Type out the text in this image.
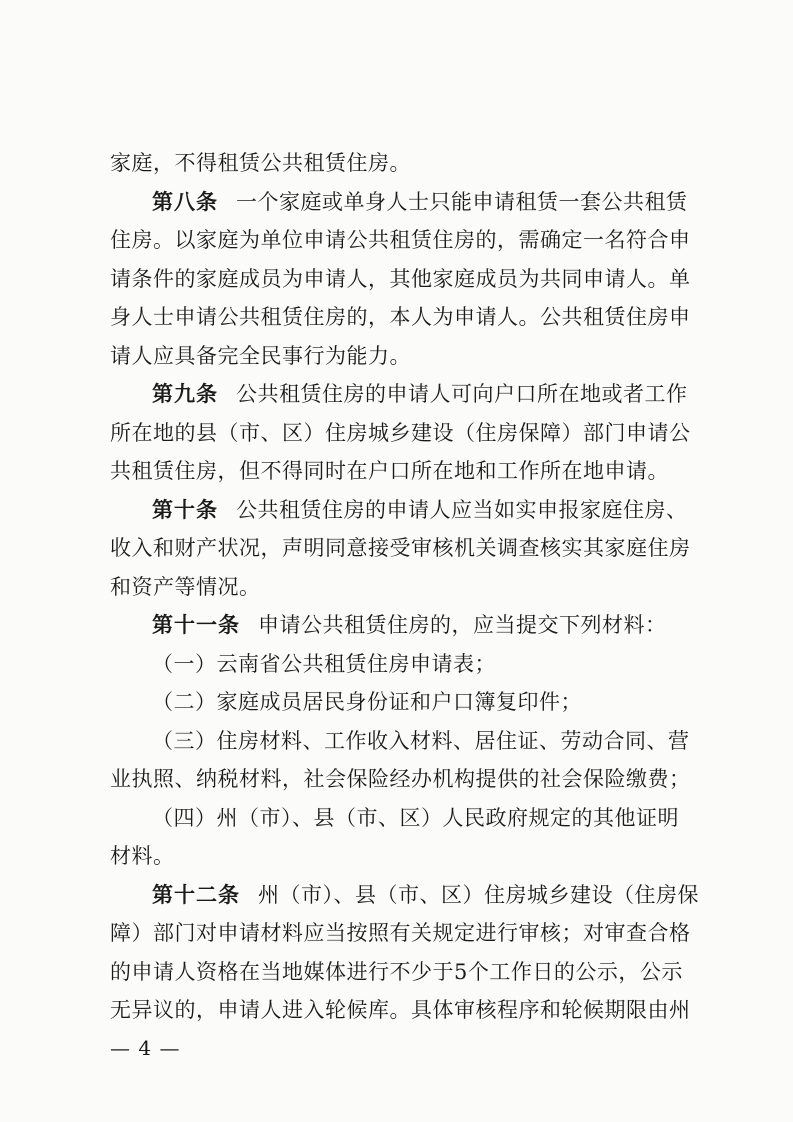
家庭，不得租赁公共租赁住房。
第八条 一个家庭或单身人士只能申请租赁一套公共租赁
住房。以家庭为单位申请公共租赁住房的，需确定一名符合申
请条件的家庭成员为申请人，其他家庭成员为共同申请人。单
身人士申请公共租赁住房的，本人为申请人。公共租赁住房申
请人应具备完全民事行为能力。
第九条 公共租赁住房的申请人可向户口所在地或者工作
所在地的县（市、区）住房城乡建设（住房保障）部门申请公
共租赁住房，但不得同时在户口所在地和工作所在地申请。
第十条 公共租赁住房的申请人应当如实申报家庭住房、
收入和财产状况，声明同意接受审核机关调查核实其家庭住房
和资产等情况。
第十一条 申请公共租赁住房的，应当提交下列材料：
（一）云南省公共租赁住房申请表；
（二）家庭成员居民身份证和户口簿复印件；
（三）住房材料、工作收入材料、居住证、劳动合同、营
业执照、纳税材料，社会保险经办机构提供的社会保险缴费；
（四）州（市）、县（市、区）人民政府规定的其他证明
材料。
第十二条 州（市）、县（市、区）住房城乡建设（住房保
障）部门对申请材料应当按照有关规定进行审核；对审查合格
的申请人资格在当地媒体进行不少于5个工作日的公示，公示
无异议的，申请人进入轮候库。具体审核程序和轮候期限由州
— 4 —
